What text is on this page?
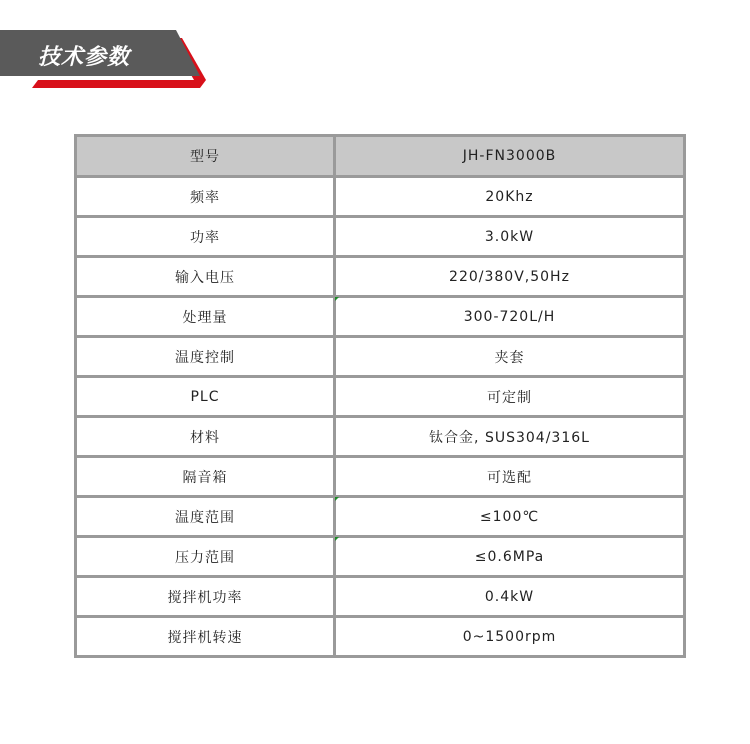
技术参数
型号	JH-FN3000B
频率	20Khz
功率	3.0kW
输入电压	220/380V,50Hz
处理量	300-720L/H
温度控制	夹套
PLC	可定制
材料	钛合金, SUS304/316L
隔音箱	可选配
温度范围	≤100℃
压力范围	≤0.6MPa
搅拌机功率	0.4kW
搅拌机转速	0~1500rpm
